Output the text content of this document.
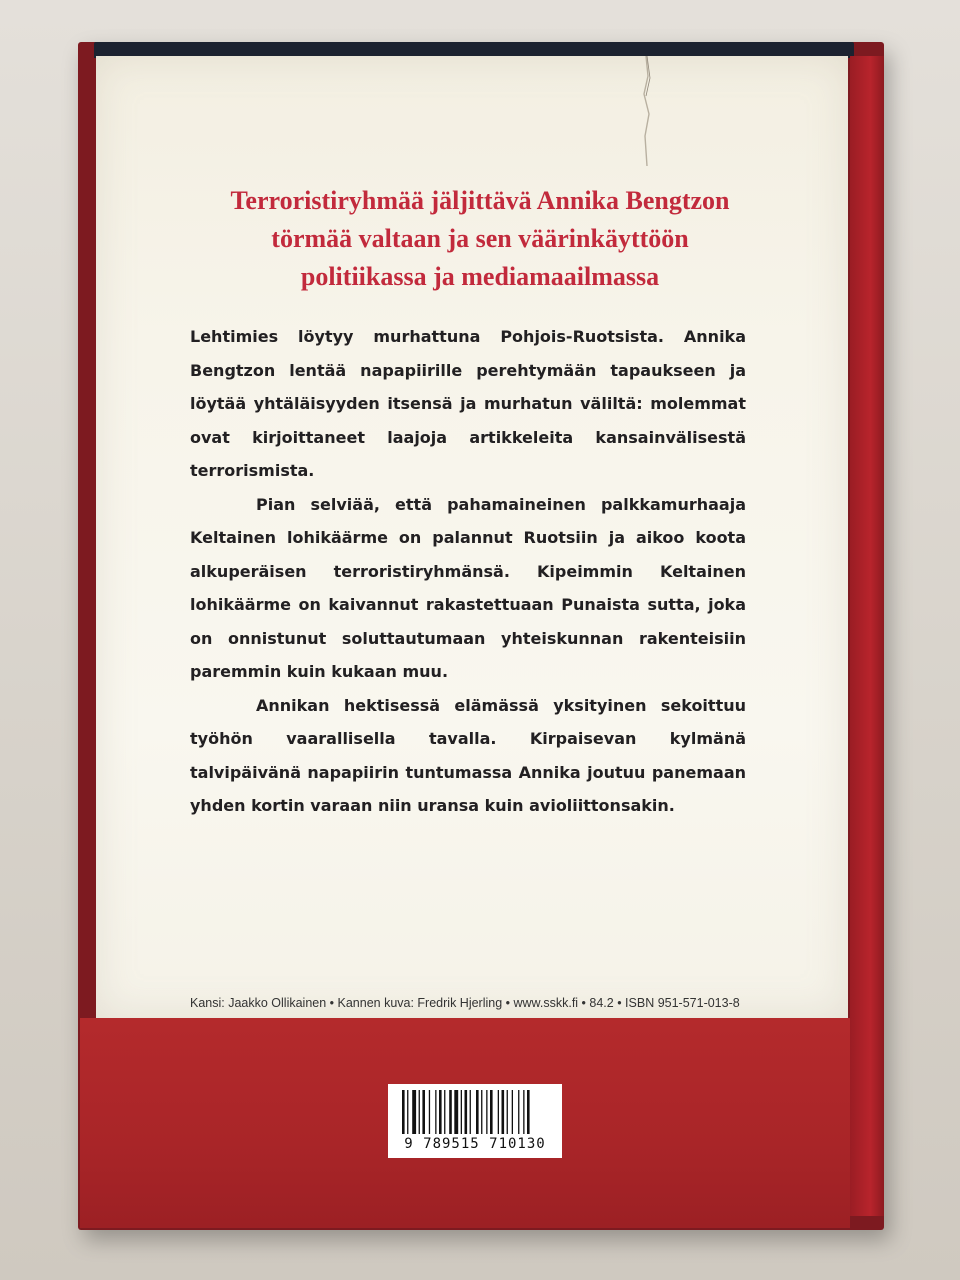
Terroristiryhmää jäljittävä Annika Bengtzon
törmää valtaan ja sen väärinkäyttöön
politiikassa ja mediamaailmassa

Lehtimies löytyy murhattuna Pohjois-Ruotsista. Annika Bengtzon lentää napapiirille perehtymään tapaukseen ja löytää yhtäläisyyden itsensä ja murhatun väliltä: molemmat ovat kirjoittaneet laajoja artikkeleita kansainvälisestä terrorismista.

Pian selviää, että pahamaineinen palkkamurhaaja Keltainen lohikäärme on palannut Ruotsiin ja aikoo koota alkuperäisen terroristiryhmänsä. Kipeimmin Keltainen lohikäärme on kaivannut rakastettuaan Punaista sutta, joka on onnistunut soluttautumaan yhteiskunnan rakenteisiin paremmin kuin kukaan muu.

Annikan hektisessä elämässä yksityinen sekoittuu työhön vaarallisella tavalla. Kirpaisevan kylmänä talvipäivänä napapiirin tuntumassa Annika joutuu panemaan yhden kortin varaan niin uransa kuin avioliittonsakin.

Kansi: Jaakko Ollikainen • Kannen kuva: Fredrik Hjerling • www.sskk.fi • 84.2 • ISBN 951-571-013-8
9 789515 710130
